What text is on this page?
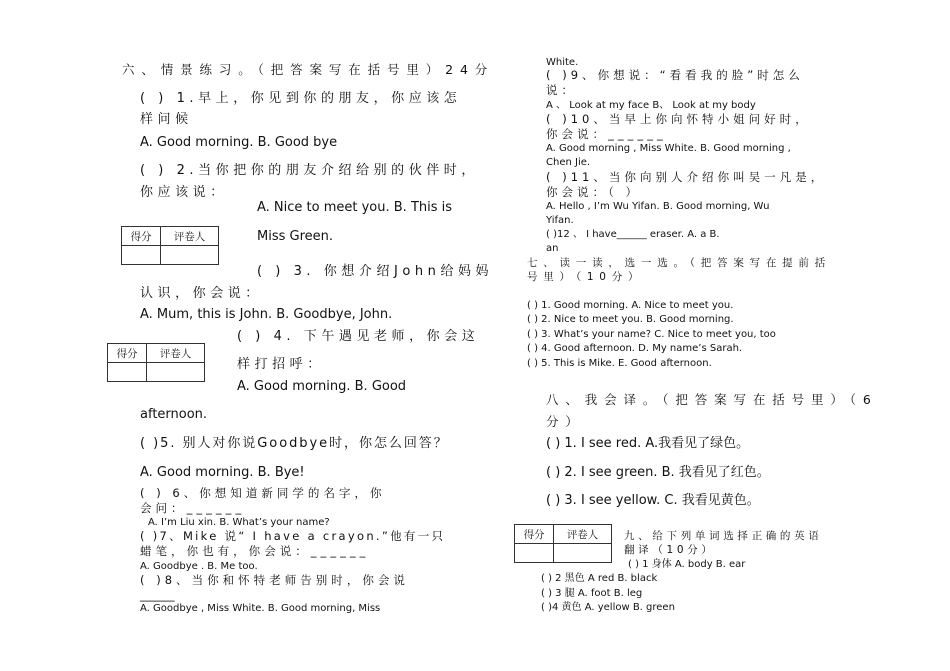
六、情景练习。（把答案写在括号里）24分
( ) 1.早上，你见到你的朋友，你应该怎
样问候
A. Good morning. B. Good bye
( ) 2.当你把你的朋友介绍给别的伙伴时，
你应该说：
A. Nice to meet you. B. This is
Miss Green.
得分	评卷人

( ) 3. 你想介绍John给妈妈
认识，你会说：
A. Mum, this is John. B. Goodbye, John.
( ) 4. 下午遇见老师，你会这
样打招呼：
A. Good morning. B. Good
afternoon.
得分	评卷人

( )5. 别人对你说Goodbye时，你怎么回答？
A. Good morning. B. Bye!
( ) 6、你想知道新同学的名字，你
会问：______
A. I’m Liu xin. B. What’s your name?
( )7、Mike 说“ I have a crayon.”他有一只
蜡笔，你也有，你会说：______
A. Goodbye . B. Me too.
( )8、当你和怀特老师告别时，你会说
______
A. Goodbye , Miss White. B. Good morning, Miss
White.
( )9、你想说：“看看我的脸”时怎么
说：
A 、 Look at my face B、 Look at my body
( )10、当早上你向怀特小姐问好时，
你会说：______
A. Good morning , Miss White. B. Good morning ,
Chen Jie.
( )11、当你向别人介绍你叫吴一凡是，
你会说：（ ）
A. Hello , I’m Wu Yifan. B. Good morning, Wu
Yifan.
( )12 、 I have______ eraser. A. a B.
an
七、读一读，选一选。（把答案写在提前括
号里）（10分）
( ) 1. Good morning. A. Nice to meet you.
( ) 2. Nice to meet you. B. Good morning.
( ) 3. What’s your name? C. Nice to meet you, too
( ) 4. Good afternoon. D. My name’s Sarah.
( ) 5. This is Mike. E. Good afternoon.
八、我会译。（把答案写在括号里）（6
分）
( ) 1. I see red. A.我看见了绿色。
( ) 2. I see green. B. 我看见了红色。
( ) 3. I see yellow. C. 我看见黄色。
得分	评卷人
	九、给下列单词选择正确的英语
翻译（10分）
( ) 1 身体 A. body B. ear
( ) 2 黑色 A red B. black
( ) 3 腿 A. foot B. leg
( )4 黄色 A. yellow B. green
